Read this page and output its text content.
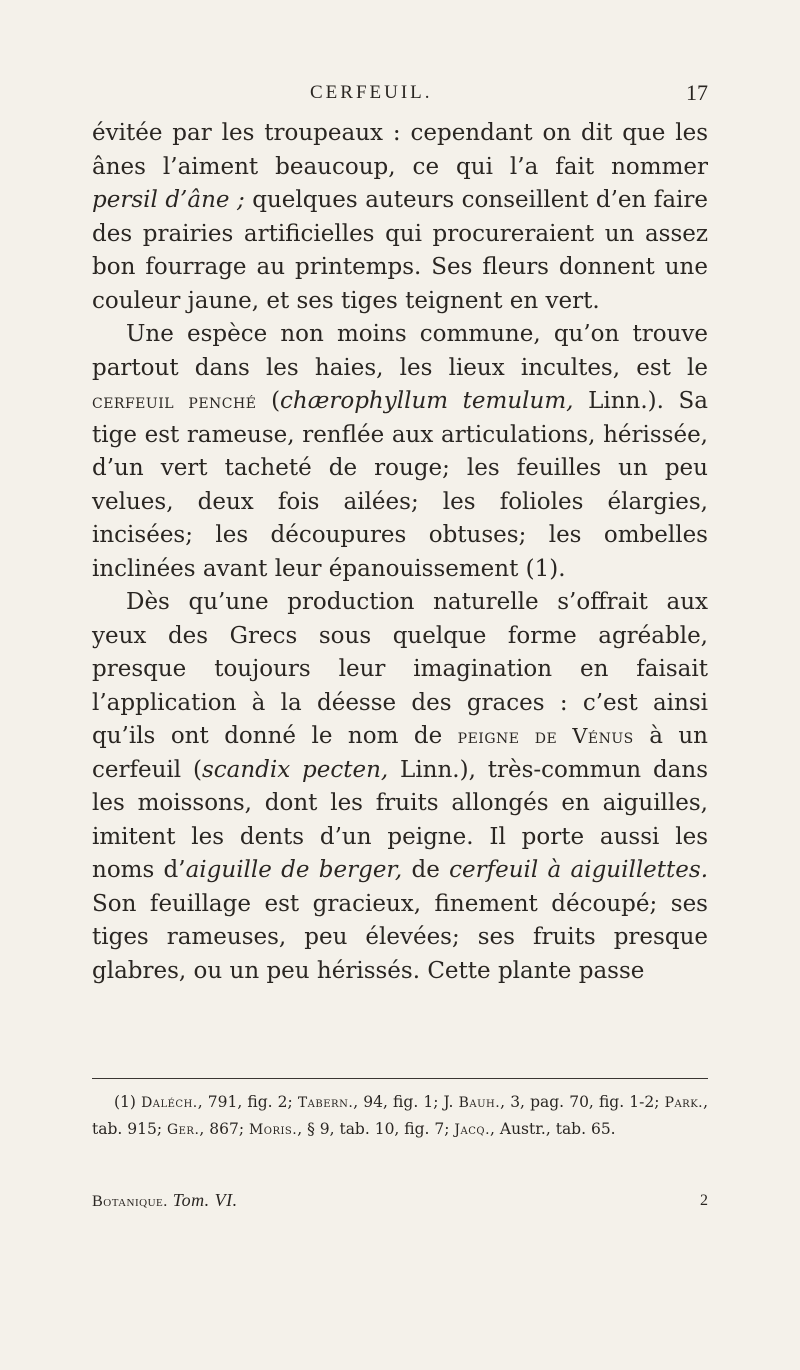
CERFEUIL.	17

évitée par les troupeaux : cependant on dit que les ânes l’aiment beaucoup, ce qui l’a fait nommer persil d’âne ; quelques auteurs conseillent d’en faire des prairies artificielles qui procureraient un assez bon fourrage au printemps. Ses fleurs donnent une couleur jaune, et ses tiges teignent en vert.

Une espèce non moins commune, qu’on trouve partout dans les haies, les lieux incultes, est le cerfeuil penché (chærophyllum temulum, Linn.). Sa tige est rameuse, renflée aux articulations, hérissée, d’un vert tacheté de rouge; les feuilles un peu velues, deux fois ailées; les folioles élargies, incisées; les découpures obtuses; les ombelles inclinées avant leur épanouissement (1).

Dès qu’une production naturelle s’offrait aux yeux des Grecs sous quelque forme agréable, presque toujours leur imagination en faisait l’application à la déesse des graces : c’est ainsi qu’ils ont donné le nom de peigne de Vénus à un cerfeuil (scandix pecten, Linn.), très-commun dans les moissons, dont les fruits allongés en aiguilles, imitent les dents d’un peigne. Il porte aussi les noms d’aiguille de berger, de cerfeuil à aiguillettes. Son feuillage est gracieux, finement découpé; ses tiges rameuses, peu élevées; ses fruits presque glabres, ou un peu hérissés. Cette plante passe

(1) Daléch., 791, fig. 2; Tabern., 94, fig. 1; J. Bauh., 3, pag. 70, fig. 1-2; Park., tab. 915; Ger., 867; Moris., § 9, tab. 10, fig. 7; Jacq., Austr., tab. 65.

Botanique. Tom. VI.	2
